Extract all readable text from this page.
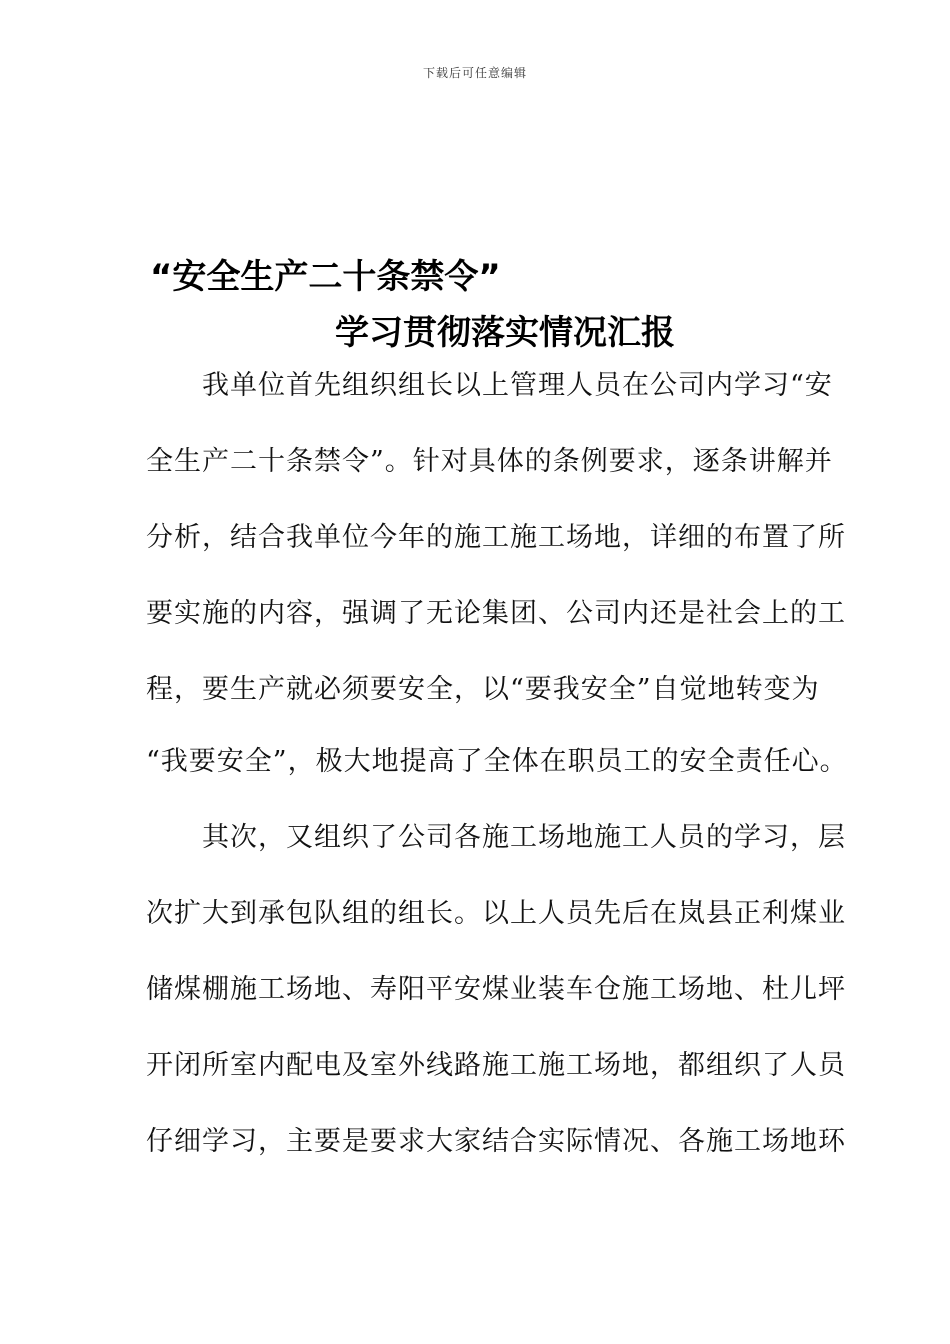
下载后可任意编辑
“安全生产二十条禁令”
学习贯彻落实情况汇报
　　我单位首先组织组长以上管理人员在公司内学习“安
全生产二十条禁令”。针对具体的条例要求，逐条讲解并
分析，结合我单位今年的施工施工场地，详细的布置了所
要实施的内容，强调了无论集团、公司内还是社会上的工
程，要生产就必须要安全，以“要我安全”自觉地转变为
“我要安全”，极大地提高了全体在职员工的安全责任心。
　　其次，又组织了公司各施工场地施工人员的学习，层
次扩大到承包队组的组长。以上人员先后在岚县正利煤业
储煤棚施工场地、寿阳平安煤业装车仓施工场地、杜儿坪
开闭所室内配电及室外线路施工施工场地，都组织了人员
仔细学习，主要是要求大家结合实际情况、各施工场地环
